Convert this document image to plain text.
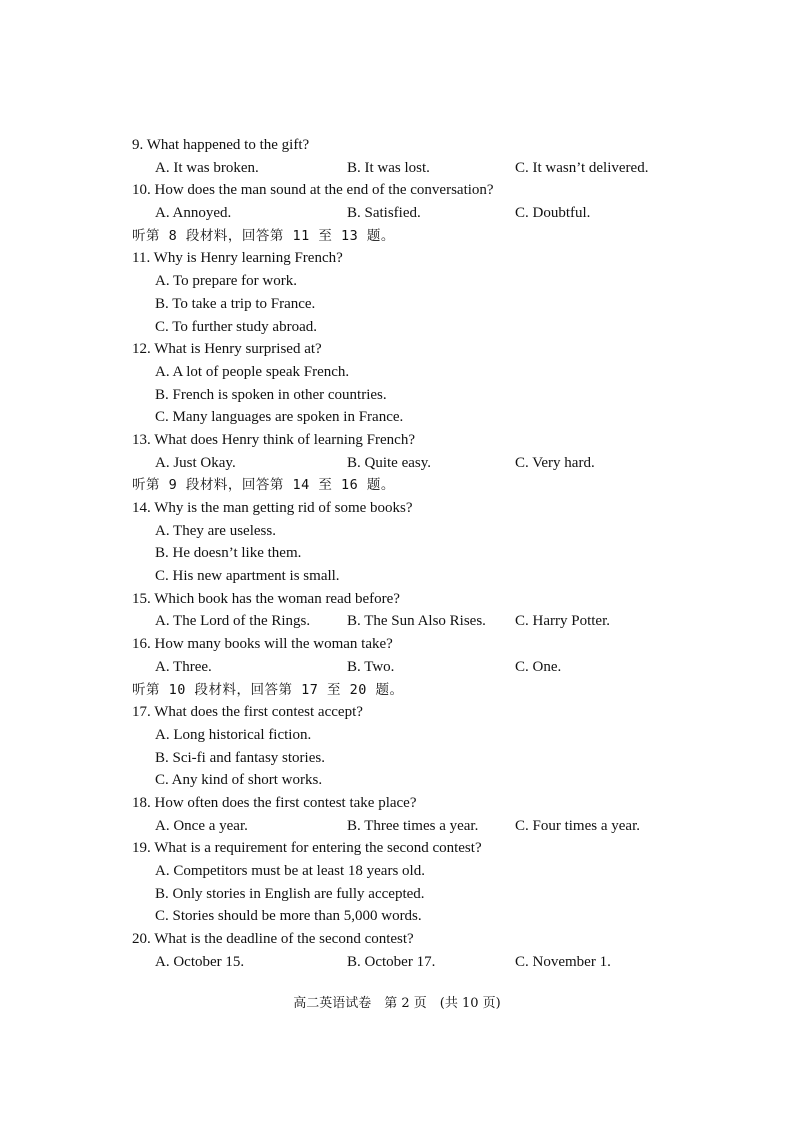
9. What happened to the gift?
A. It was broken.	B. It was lost.	C. It wasn’t delivered.
10. How does the man sound at the end of the conversation?
A. Annoyed.	B. Satisfied.	C. Doubtful.
听第 8 段材料，回答第 11 至 13 题。
11. Why is Henry learning French?
A. To prepare for work.
B. To take a trip to France.
C. To further study abroad.
12. What is Henry surprised at?
A. A lot of people speak French.
B. French is spoken in other countries.
C. Many languages are spoken in France.
13. What does Henry think of learning French?
A. Just Okay.	B. Quite easy.	C. Very hard.
听第 9 段材料，回答第 14 至 16 题。
14. Why is the man getting rid of some books?
A. They are useless.
B. He doesn’t like them.
C. His new apartment is small.
15. Which book has the woman read before?
A. The Lord of the Rings. B. The Sun Also Rises. C. Harry Potter.
16. How many books will the woman take?
A. Three.	B. Two.	C. One.
听第 10 段材料，回答第 17 至 20 题。
17. What does the first contest accept?
A. Long historical fiction.
B. Sci-fi and fantasy stories.
C. Any kind of short works.
18. How often does the first contest take place?
A. Once a year.	B. Three times a year. C. Four times a year.
19. What is a requirement for entering the second contest?
A. Competitors must be at least 18 years old.
B. Only stories in English are fully accepted.
C. Stories should be more than 5,000 words.
20. What is the deadline of the second contest?
A. October 15.	B. October 17.	C. November 1.
高二英语试卷　第 2 页　(共 10 页)
